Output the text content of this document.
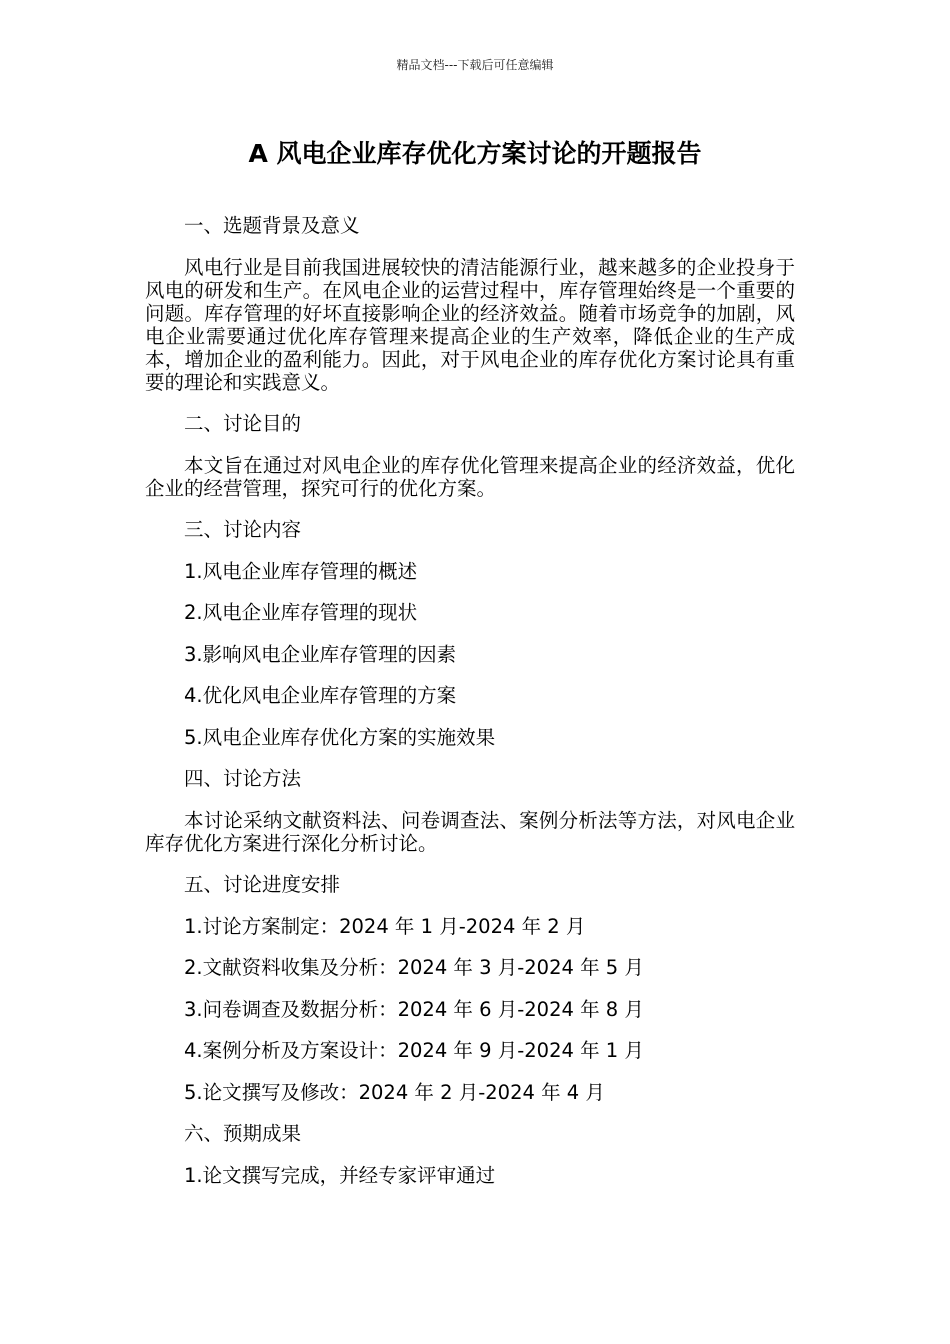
精品文档---下载后可任意编辑
A 风电企业库存优化方案讨论的开题报告

一、选题背景及意义

风电行业是目前我国进展较快的清洁能源行业，越来越多的企业投身于风电的研发和生产。在风电企业的运营过程中，库存管理始终是一个重要的问题。库存管理的好坏直接影响企业的经济效益。随着市场竞争的加剧，风电企业需要通过优化库存管理来提高企业的生产效率，降低企业的生产成本，增加企业的盈利能力。因此，对于风电企业的库存优化方案讨论具有重要的理论和实践意义。

二、讨论目的

本文旨在通过对风电企业的库存优化管理来提高企业的经济效益，优化企业的经营管理，探究可行的优化方案。

三、讨论内容

1.风电企业库存管理的概述

2.风电企业库存管理的现状

3.影响风电企业库存管理的因素

4.优化风电企业库存管理的方案

5.风电企业库存优化方案的实施效果

四、讨论方法

本讨论采纳文献资料法、问卷调查法、案例分析法等方法，对风电企业库存优化方案进行深化分析讨论。

五、讨论进度安排

1.讨论方案制定：2024 年 1 月-2024 年 2 月

2.文献资料收集及分析：2024 年 3 月-2024 年 5 月

3.问卷调查及数据分析：2024 年 6 月-2024 年 8 月

4.案例分析及方案设计：2024 年 9 月-2024 年 1 月

5.论文撰写及修改：2024 年 2 月-2024 年 4 月

六、预期成果

1.论文撰写完成，并经专家评审通过
